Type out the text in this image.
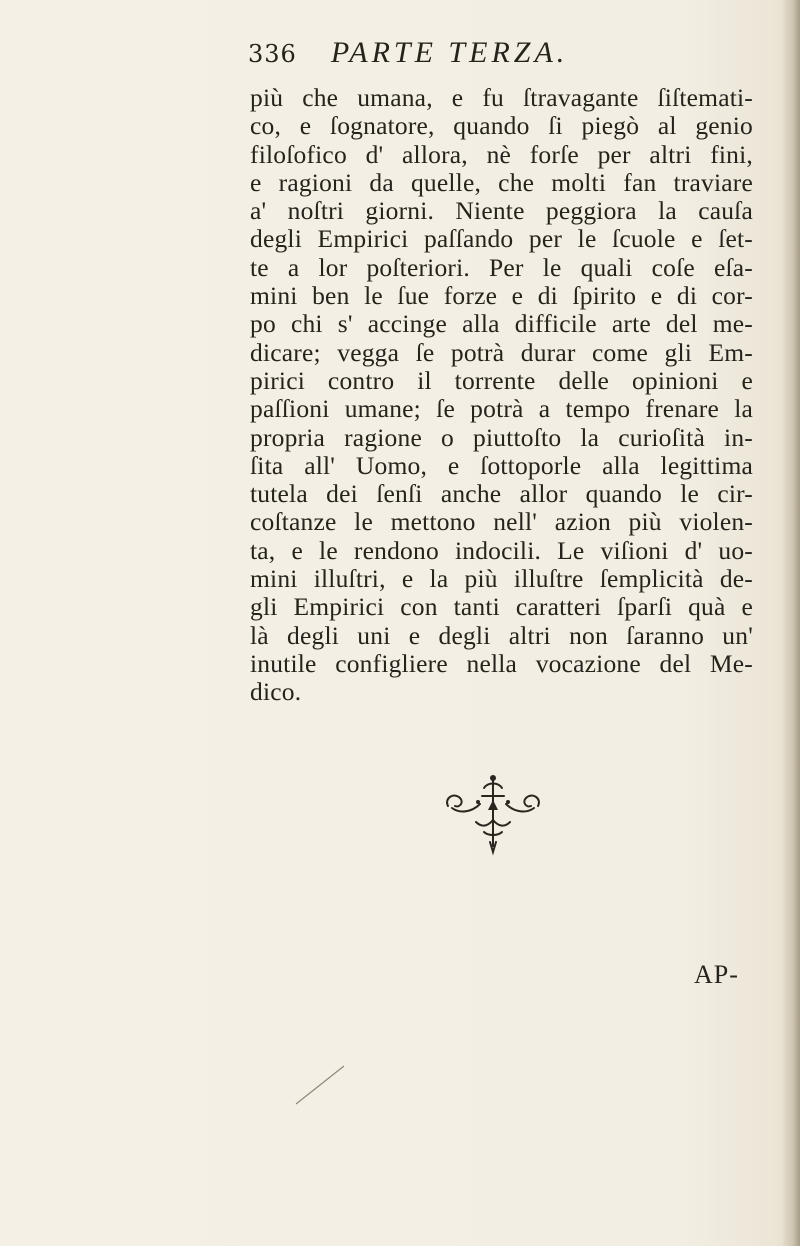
336 PARTE TERZA.
più che umana, e fu ſtravagante ſiſtemati-
co, e ſognatore, quando ſi piegò al genio
filoſofico d' allora, nè forſe per altri fini,
e ragioni da quelle, che molti fan traviare
a' noſtri giorni. Niente peggiora la cauſa
degli Empirici paſſando per le ſcuole e ſet-
te a lor poſteriori. Per le quali coſe eſa-
mini ben le ſue forze e di ſpirito e di cor-
po chi s' accinge alla difficile arte del me-
dicare; vegga ſe potrà durar come gli Em-
pirici contro il torrente delle opinioni e
paſſioni umane; ſe potrà a tempo frenare la
propria ragione o piuttoſto la curioſità in-
ſita all' Uomo, e ſottoporle alla legittima
tutela dei ſenſi anche allor quando le cir-
coſtanze le mettono nell' azion più violen-
ta, e le rendono indocili. Le viſioni d' uo-
mini illuſtri, e la più illuſtre ſemplicità de-
gli Empirici con tanti caratteri ſparſi quà e
là degli uni e degli altri non ſaranno un'
inutile configliere nella vocazione del Me-
dico.
AP-
